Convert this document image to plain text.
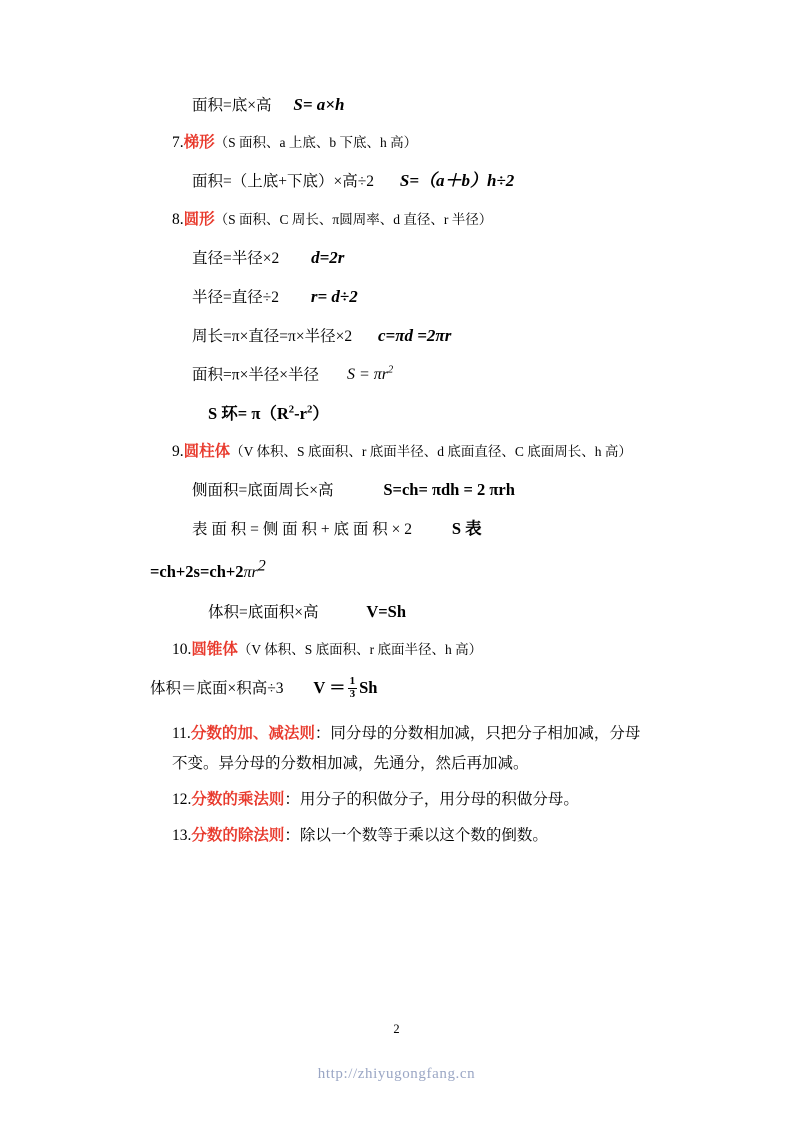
面积=底×高 S= a×h
7.梯形（S 面积、a 上底、b 下底、h 高）
面积=（上底+下底）×高÷2 S=（a＋b）h÷2
8.圆形（S 面积、C 周长、π圆周率、d 直径、r 半径）
直径=半径×2 d=2r
半径=直径÷2 r= d÷2
周长=π×直径=π×半径×2 c=πd =2πr
面积=π×半径×半径 $S = \pi r^2$
S 环= $\pi(R^2-r^2)$
9.圆柱体（V 体积、S 底面积、r 底面半径、d 底面直径、C 底面周长、h 高）
侧面积=底面周长×高	S=ch= πdh = 2 πrh
表 面 积 = 侧 面 积 + 底 面 积 × 2 S 表
$=ch+2s=ch+2\pi r^2$
体积=底面积×高	V=Sh
10.圆锥体（V 体积、S 底面积、r 底面半径、h 高）
体积＝底面×积高÷3 $V = \frac{1}{3}$ Sh
11.分数的加、减法则：同分母的分数相加减，只把分子相加减，分母不变。异分母的分数相加减，先通分，然后再加减。
12.分数的乘法则：用分子的积做分子，用分母的积做分母。
13.分数的除法则：除以一个数等于乘以这个数的倒数。
2
http://zhiyugongfang.cn
